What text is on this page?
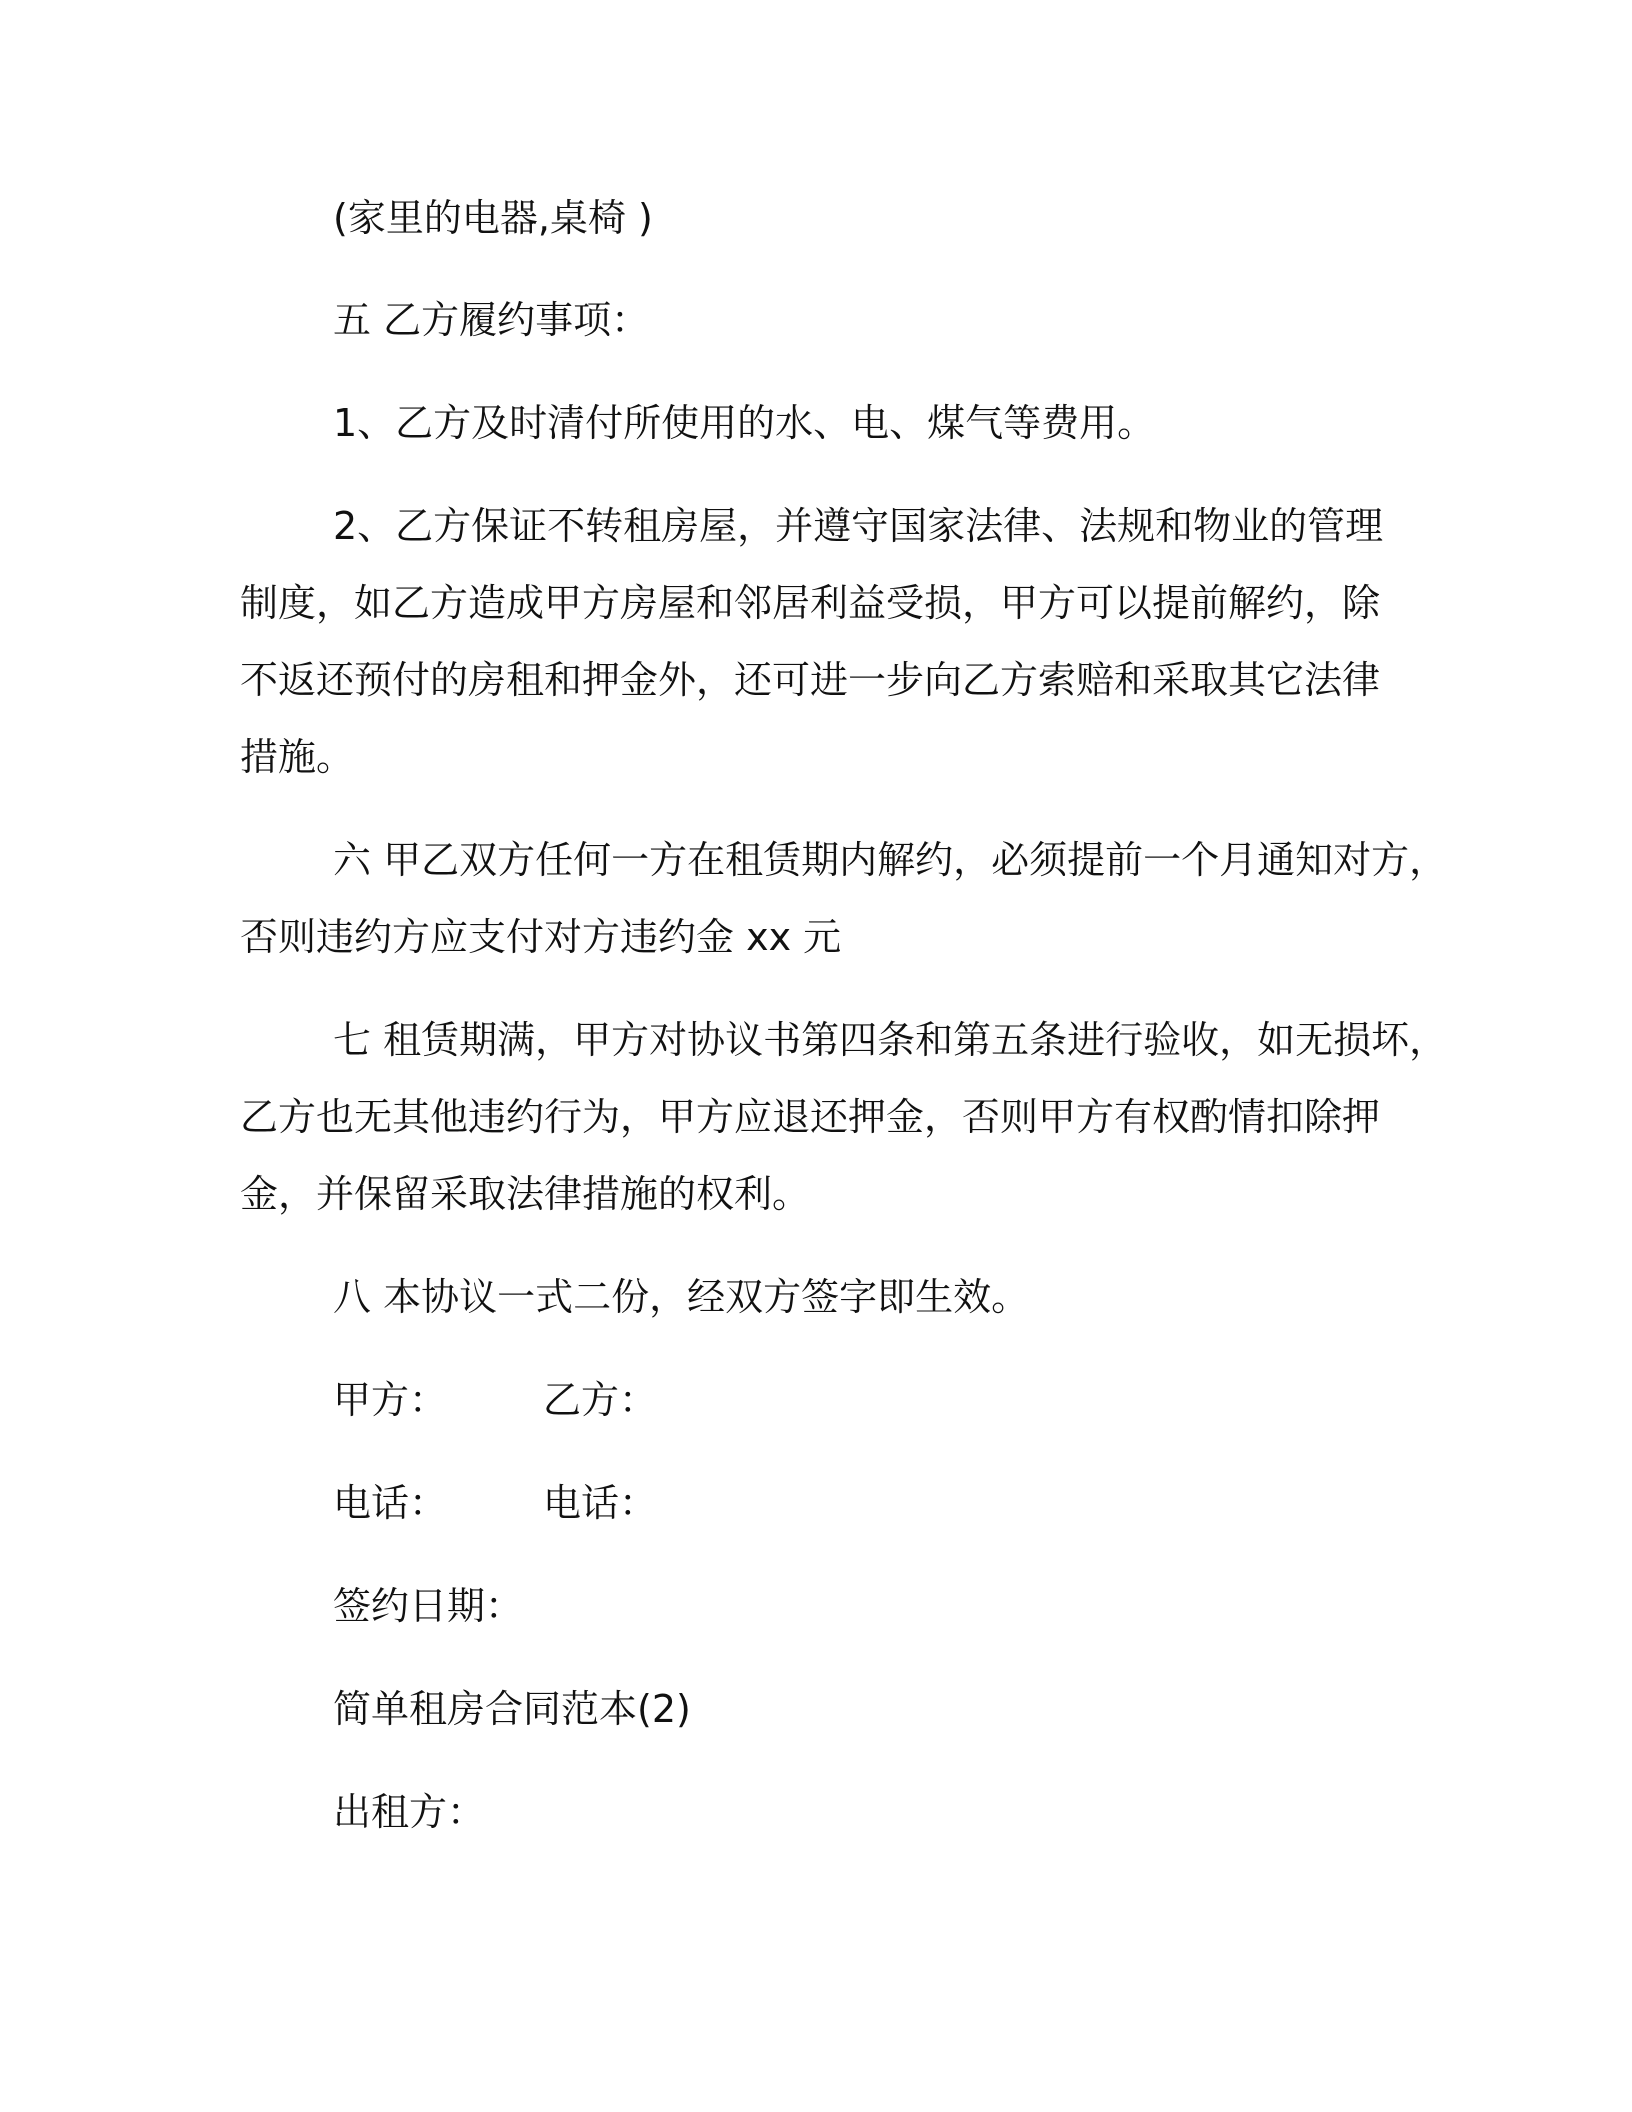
(家里的电器,桌椅 )
五 乙方履约事项：
1、乙方及时清付所使用的水、电、煤气等费用。
2、乙方保证不转租房屋，并遵守国家法律、法规和物业的管理
制度，如乙方造成甲方房屋和邻居利益受损，甲方可以提前解约，除
不返还预付的房租和押金外，还可进一步向乙方索赔和采取其它法律
措施。
六 甲乙双方任何一方在租赁期内解约，必须提前一个月通知对方，
否则违约方应支付对方违约金 xx 元
七 租赁期满，甲方对协议书第四条和第五条进行验收，如无损坏，
乙方也无其他违约行为，甲方应退还押金，否则甲方有权酌情扣除押
金，并保留采取法律措施的权利。
八 本协议一式二份，经双方签字即生效。
甲方：	乙方：
电话：	电话：
签约日期：
简单租房合同范本(2)
出租方：
